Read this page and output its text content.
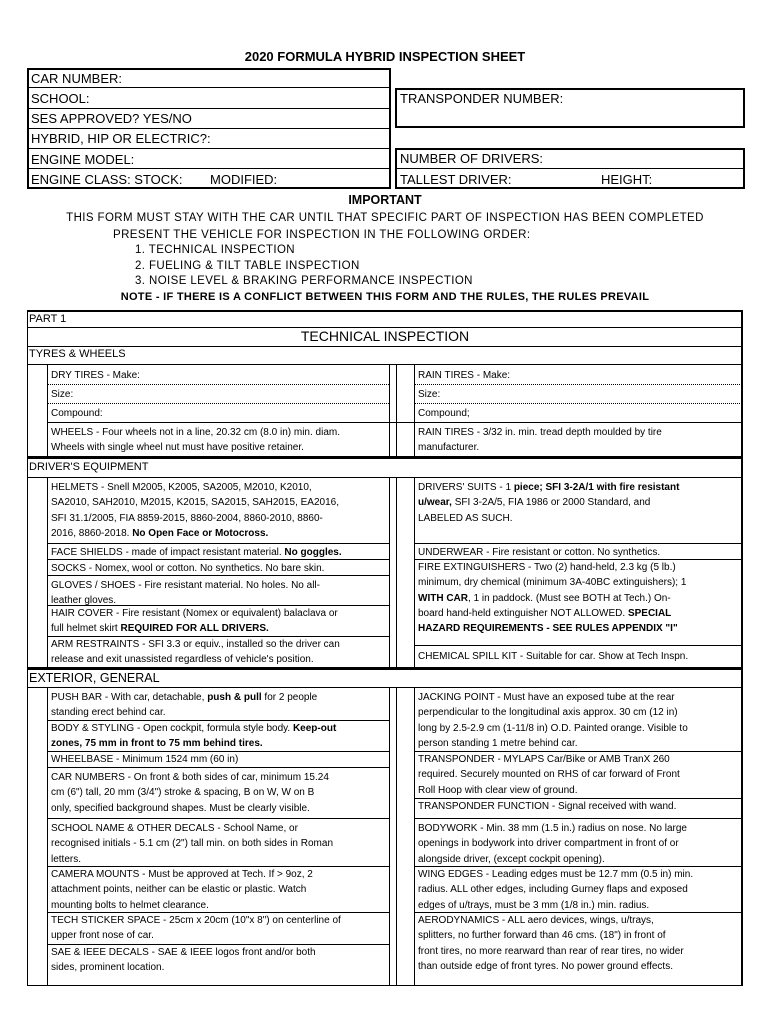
2020 FORMULA HYBRID INSPECTION SHEET
CAR NUMBER:
SCHOOL:
SES APPROVED? YES/NO
HYBRID, HIP OR ELECTRIC?:
ENGINE MODEL:
ENGINE CLASS: STOCK: MODIFIED:
TRANSPONDER NUMBER:
NUMBER OF DRIVERS:
TALLEST DRIVER:	HEIGHT:
IMPORTANT
THIS FORM MUST STAY WITH THE CAR UNTIL THAT SPECIFIC PART OF INSPECTION HAS BEEN COMPLETED
PRESENT THE VEHICLE FOR INSPECTION IN THE FOLLOWING ORDER:
1. TECHNICAL INSPECTION
2. FUELING & TILT TABLE INSPECTION
3. NOISE LEVEL & BRAKING PERFORMANCE INSPECTION
NOTE - IF THERE IS A CONFLICT BETWEEN THIS FORM AND THE RULES, THE RULES PREVAIL
PART 1
TECHNICAL INSPECTION
TYRES & WHEELS
DRY TIRES - Make:
Size:
Compound:
RAIN TIRES - Make:
Size:
Compound;
WHEELS - Four wheels not in a line, 20.32 cm (8.0 in) min. diam.
Wheels with single wheel nut must have positive retainer.
RAIN TIRES - 3/32 in. min. tread depth moulded by tire
manufacturer.
DRIVER'S EQUIPMENT
HELMETS - Snell M2005, K2005, SA2005, M2010, K2010,
SA2010, SAH2010, M2015, K2015, SA2015, SAH2015, EA2016,
SFI 31.1/2005, FIA 8859-2015, 8860-2004, 8860-2010, 8860-
2016, 8860-2018. No Open Face or Motocross.
FACE SHIELDS - made of impact resistant material. No goggles.
SOCKS - Nomex, wool or cotton. No synthetics. No bare skin.
GLOVES / SHOES - Fire resistant material. No holes. No all-
leather gloves.
HAIR COVER - Fire resistant (Nomex or equivalent) balaclava or
full helmet skirt REQUIRED FOR ALL DRIVERS.
ARM RESTRAINTS - SFI 3.3 or equiv., installed so the driver can
release and exit unassisted regardless of vehicle's position.
DRIVERS' SUITS - 1 piece; SFI 3-2A/1 with fire resistant
u/wear, SFI 3-2A/5, FIA 1986 or 2000 Standard, and
LABELED AS SUCH.
UNDERWEAR - Fire resistant or cotton. No synthetics.
FIRE EXTINGUISHERS - Two (2) hand-held, 2.3 kg (5 lb.)
minimum, dry chemical (minimum 3A-40BC extinguishers); 1
WITH CAR, 1 in paddock. (Must see BOTH at Tech.) On-
board hand-held extinguisher NOT ALLOWED. SPECIAL
HAZARD REQUIREMENTS - SEE RULES APPENDIX "I"
CHEMICAL SPILL KIT - Suitable for car. Show at Tech Inspn.
EXTERIOR, GENERAL
PUSH BAR - With car, detachable, push & pull for 2 people
standing erect behind car.
BODY & STYLING - Open cockpit, formula style body. Keep-out
zones, 75 mm in front to 75 mm behind tires.
WHEELBASE - Minimum 1524 mm (60 in)
CAR NUMBERS - On front & both sides of car, minimum 15.24
cm (6") tall, 20 mm (3/4") stroke & spacing, B on W, W on B
only, specified background shapes. Must be clearly visible.
SCHOOL NAME & OTHER DECALS - School Name, or
recognised initials - 5.1 cm (2") tall min. on both sides in Roman
letters.
CAMERA MOUNTS - Must be approved at Tech. If > 9oz, 2
attachment points, neither can be elastic or plastic. Watch
mounting bolts to helmet clearance.
TECH STICKER SPACE - 25cm x 20cm (10"x 8") on centerline of
upper front nose of car.
SAE & IEEE DECALS - SAE & IEEE logos front and/or both
sides, prominent location.
JACKING POINT - Must have an exposed tube at the rear
perpendicular to the longitudinal axis approx. 30 cm (12 in)
long by 2.5-2.9 cm (1-11/8 in) O.D. Painted orange. Visible to
person standing 1 metre behind car.
TRANSPONDER - MYLAPS Car/Bike or AMB TranX 260
required. Securely mounted on RHS of car forward of Front
Roll Hoop with clear view of ground.
TRANSPONDER FUNCTION - Signal received with wand.
BODYWORK - Min. 38 mm (1.5 in.) radius on nose. No large
openings in bodywork into driver compartment in front of or
alongside driver, (except cockpit opening).
WING EDGES - Leading edges must be 12.7 mm (0.5 in) min.
radius. ALL other edges, including Gurney flaps and exposed
edges of u/trays, must be 3 mm (1/8 in.) min. radius.
AERODYNAMICS - ALL aero devices, wings, u/trays,
splitters, no further forward than 46 cms. (18") in front of
front tires, no more rearward than rear of rear tires, no wider
than outside edge of front tyres. No power ground effects.
